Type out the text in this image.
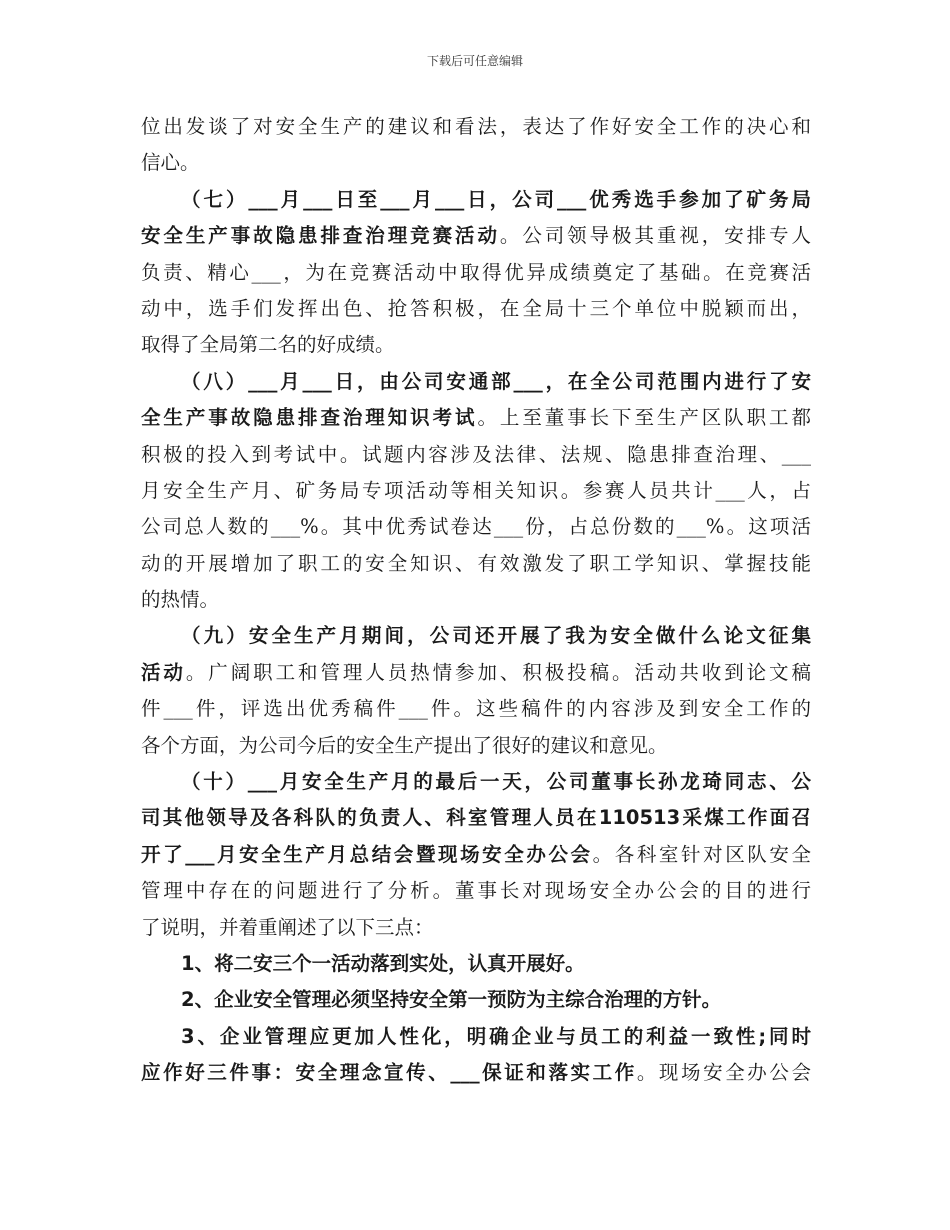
下载后可任意编辑
位出发谈了对安全生产的建议和看法，表达了作好安全工作的决心和
信心。
（七）___月___日至___月___日，公司___优秀选手参加了矿务局
安全生产事故隐患排查治理竞赛活动。公司领导极其重视，安排专人
负责、精心___，为在竞赛活动中取得优异成绩奠定了基础。在竞赛活
动中，选手们发挥出色、抢答积极，在全局十三个单位中脱颖而出，
取得了全局第二名的好成绩。
（八）___月___日，由公司安通部___，在全公司范围内进行了安
全生产事故隐患排查治理知识考试。上至董事长下至生产区队职工都
积极的投入到考试中。试题内容涉及法律、法规、隐患排查治理、___
月安全生产月、矿务局专项活动等相关知识。参赛人员共计___人，占
公司总人数的___%。其中优秀试卷达___份，占总份数的___%。这项活
动的开展增加了职工的安全知识、有效激发了职工学知识、掌握技能
的热情。
（九）安全生产月期间，公司还开展了我为安全做什么论文征集
活动。广阔职工和管理人员热情参加、积极投稿。活动共收到论文稿
件___件，评选出优秀稿件___件。这些稿件的内容涉及到安全工作的
各个方面，为公司今后的安全生产提出了很好的建议和意见。
（十）___月安全生产月的最后一天，公司董事长孙龙琦同志、公
司其他领导及各科队的负责人、科室管理人员在110513采煤工作面召
开了___月安全生产月总结会暨现场安全办公会。各科室针对区队安全
管理中存在的问题进行了分析。董事长对现场安全办公会的目的进行
了说明，并着重阐述了以下三点：
1、将二安三个一活动落到实处，认真开展好。
2、企业安全管理必须坚持安全第一预防为主综合治理的方针。
3、企业管理应更加人性化，明确企业与员工的利益一致性;同时
应作好三件事：安全理念宣传、___保证和落实工作。现场安全办公会
